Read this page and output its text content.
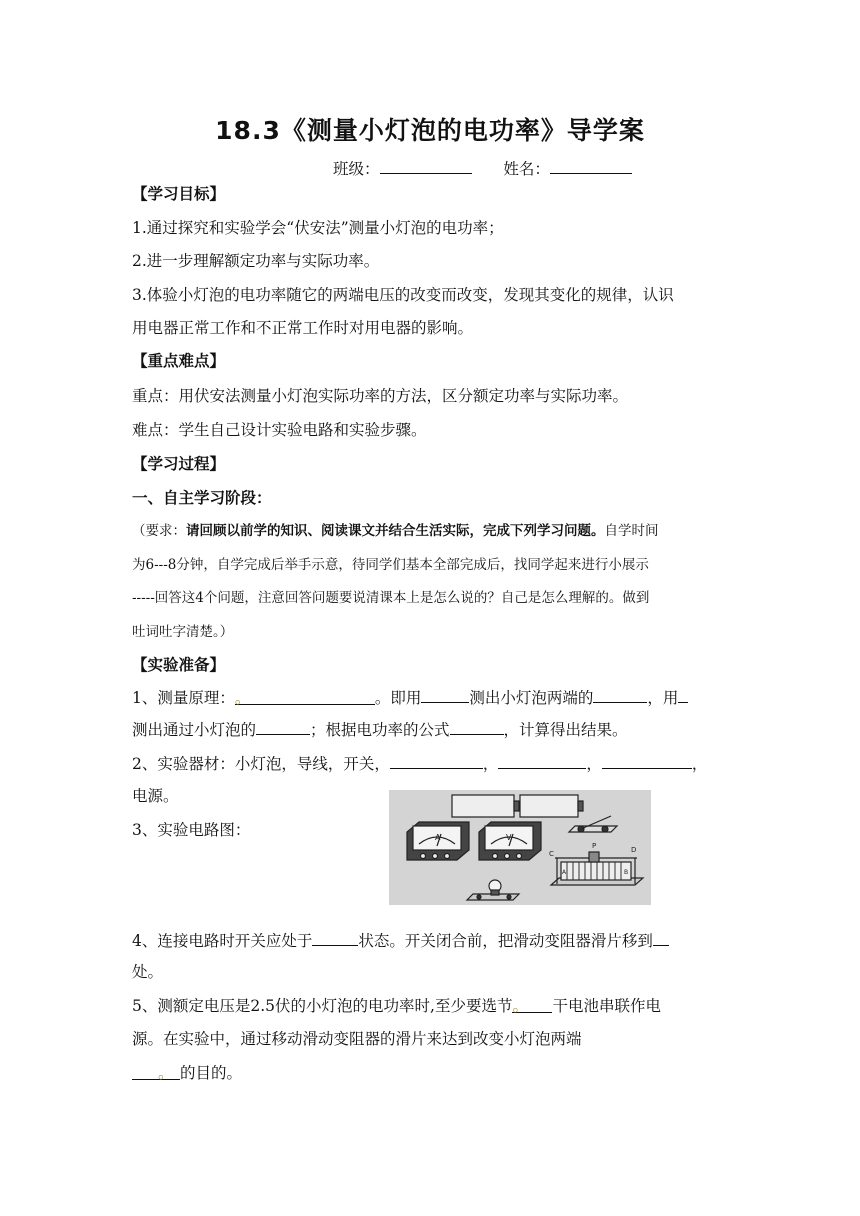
18.3《测量小灯泡的电功率》导学案
班级：	姓名：
【学习目标】
1.通过探究和实验学会“伏安法”测量小灯泡的电功率；
2.进一步理解额定功率与实际功率。
3.体验小灯泡的电功率随它的两端电压的改变而改变，发现其变化的规律，认识
用电器正常工作和不正常工作时对用电器的影响。
【重点难点】
重点：用伏安法测量小灯泡实际功率的方法，区分额定功率与实际功率。
难点：学生自己设计实验电路和实验步骤。
【学习过程】
一、自主学习阶段：
（要求：请回顾以前学的知识、阅读课文并结合生活实际，完成下列学习问题。自学时间
为6---8分钟，自学完成后举手示意，待同学们基本全部完成后，找同学起来进行小展示
-----回答这4个问题，注意回答问题要说清课本上是怎么说的？自己是怎么理解的。做到
吐词吐字清楚。）
【实验准备】
1、测量原理：。	。即用	测出小灯泡两端的	，用
测出通过小灯泡的	；根据电功率的公式	，计算得出结果。
2、实验器材：小灯泡，导线，开关，	，	，	，
电源。
3、实验电路图：	A	V
C	D
P
A	B
4、连接电路时开关应处于	状态。开关闭合前，把滑动变阻器滑片移到
处。
5、测额定电压是2.5伏的小灯泡的电功率时,至少要选节。 干电池串联作电
源。在实验中，通过移动滑动变阻器的滑片来达到改变小灯泡两端
。 的目的。
